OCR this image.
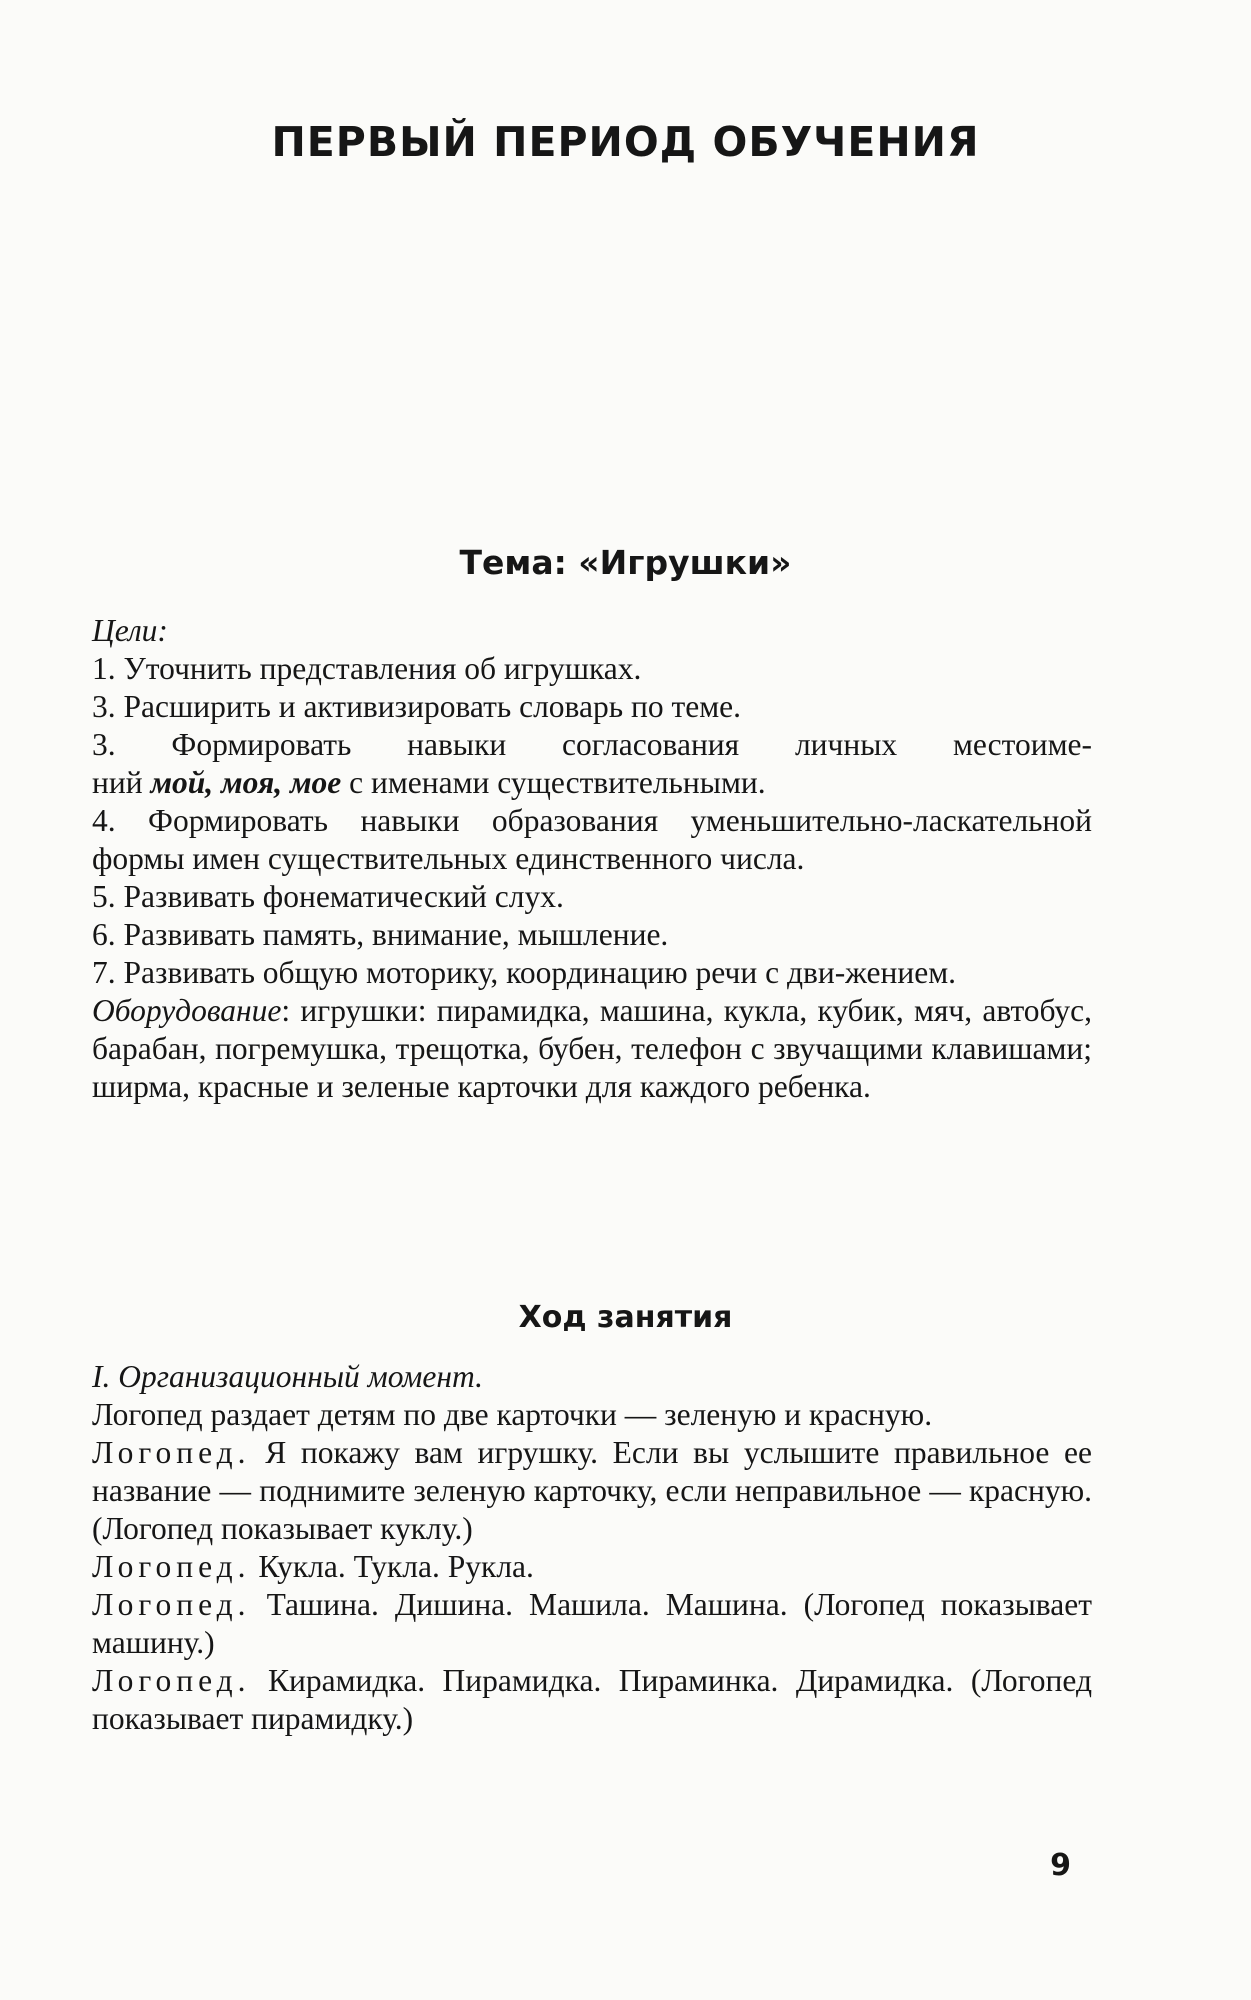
ПЕРВЫЙ ПЕРИОД ОБУЧЕНИЯ
Тема: «Игрушки»

Цели:

1. Уточнить представления об игрушках.

3. Расширить и активизировать словарь по теме.

3. Формировать навыки согласования личных местоиме-

ний мой, моя, мое с именами существительными.

4. Формировать навыки образования уменьшительно-ласкательной формы имен существительных единственного числа.

5. Развивать фонематический слух.

6. Развивать память, внимание, мышление.

7. Развивать общую моторику, координацию речи с дви-жением.

Оборудование: игрушки: пирамидка, машина, кукла, кубик, мяч, автобус, барабан, погремушка, трещотка, бубен, телефон с звучащими клавишами; ширма, красные и зеленые карточки для каждого ребенка.

Ход занятия

I. Организационный момент.

Логопед раздает детям по две карточки — зеленую и красную.

Логопед. Я покажу вам игрушку. Если вы услышите правильное ее название — поднимите зеленую карточку, если неправильное — красную. (Логопед показывает куклу.)

Логопед. Кукла. Тукла. Рукла.

Логопед. Ташина. Дишина. Машила. Машина. (Логопед показывает машину.)

Логопед. Кирамидка. Пирамидка. Пираминка. Дирамидка. (Логопед показывает пирамидку.)

9
